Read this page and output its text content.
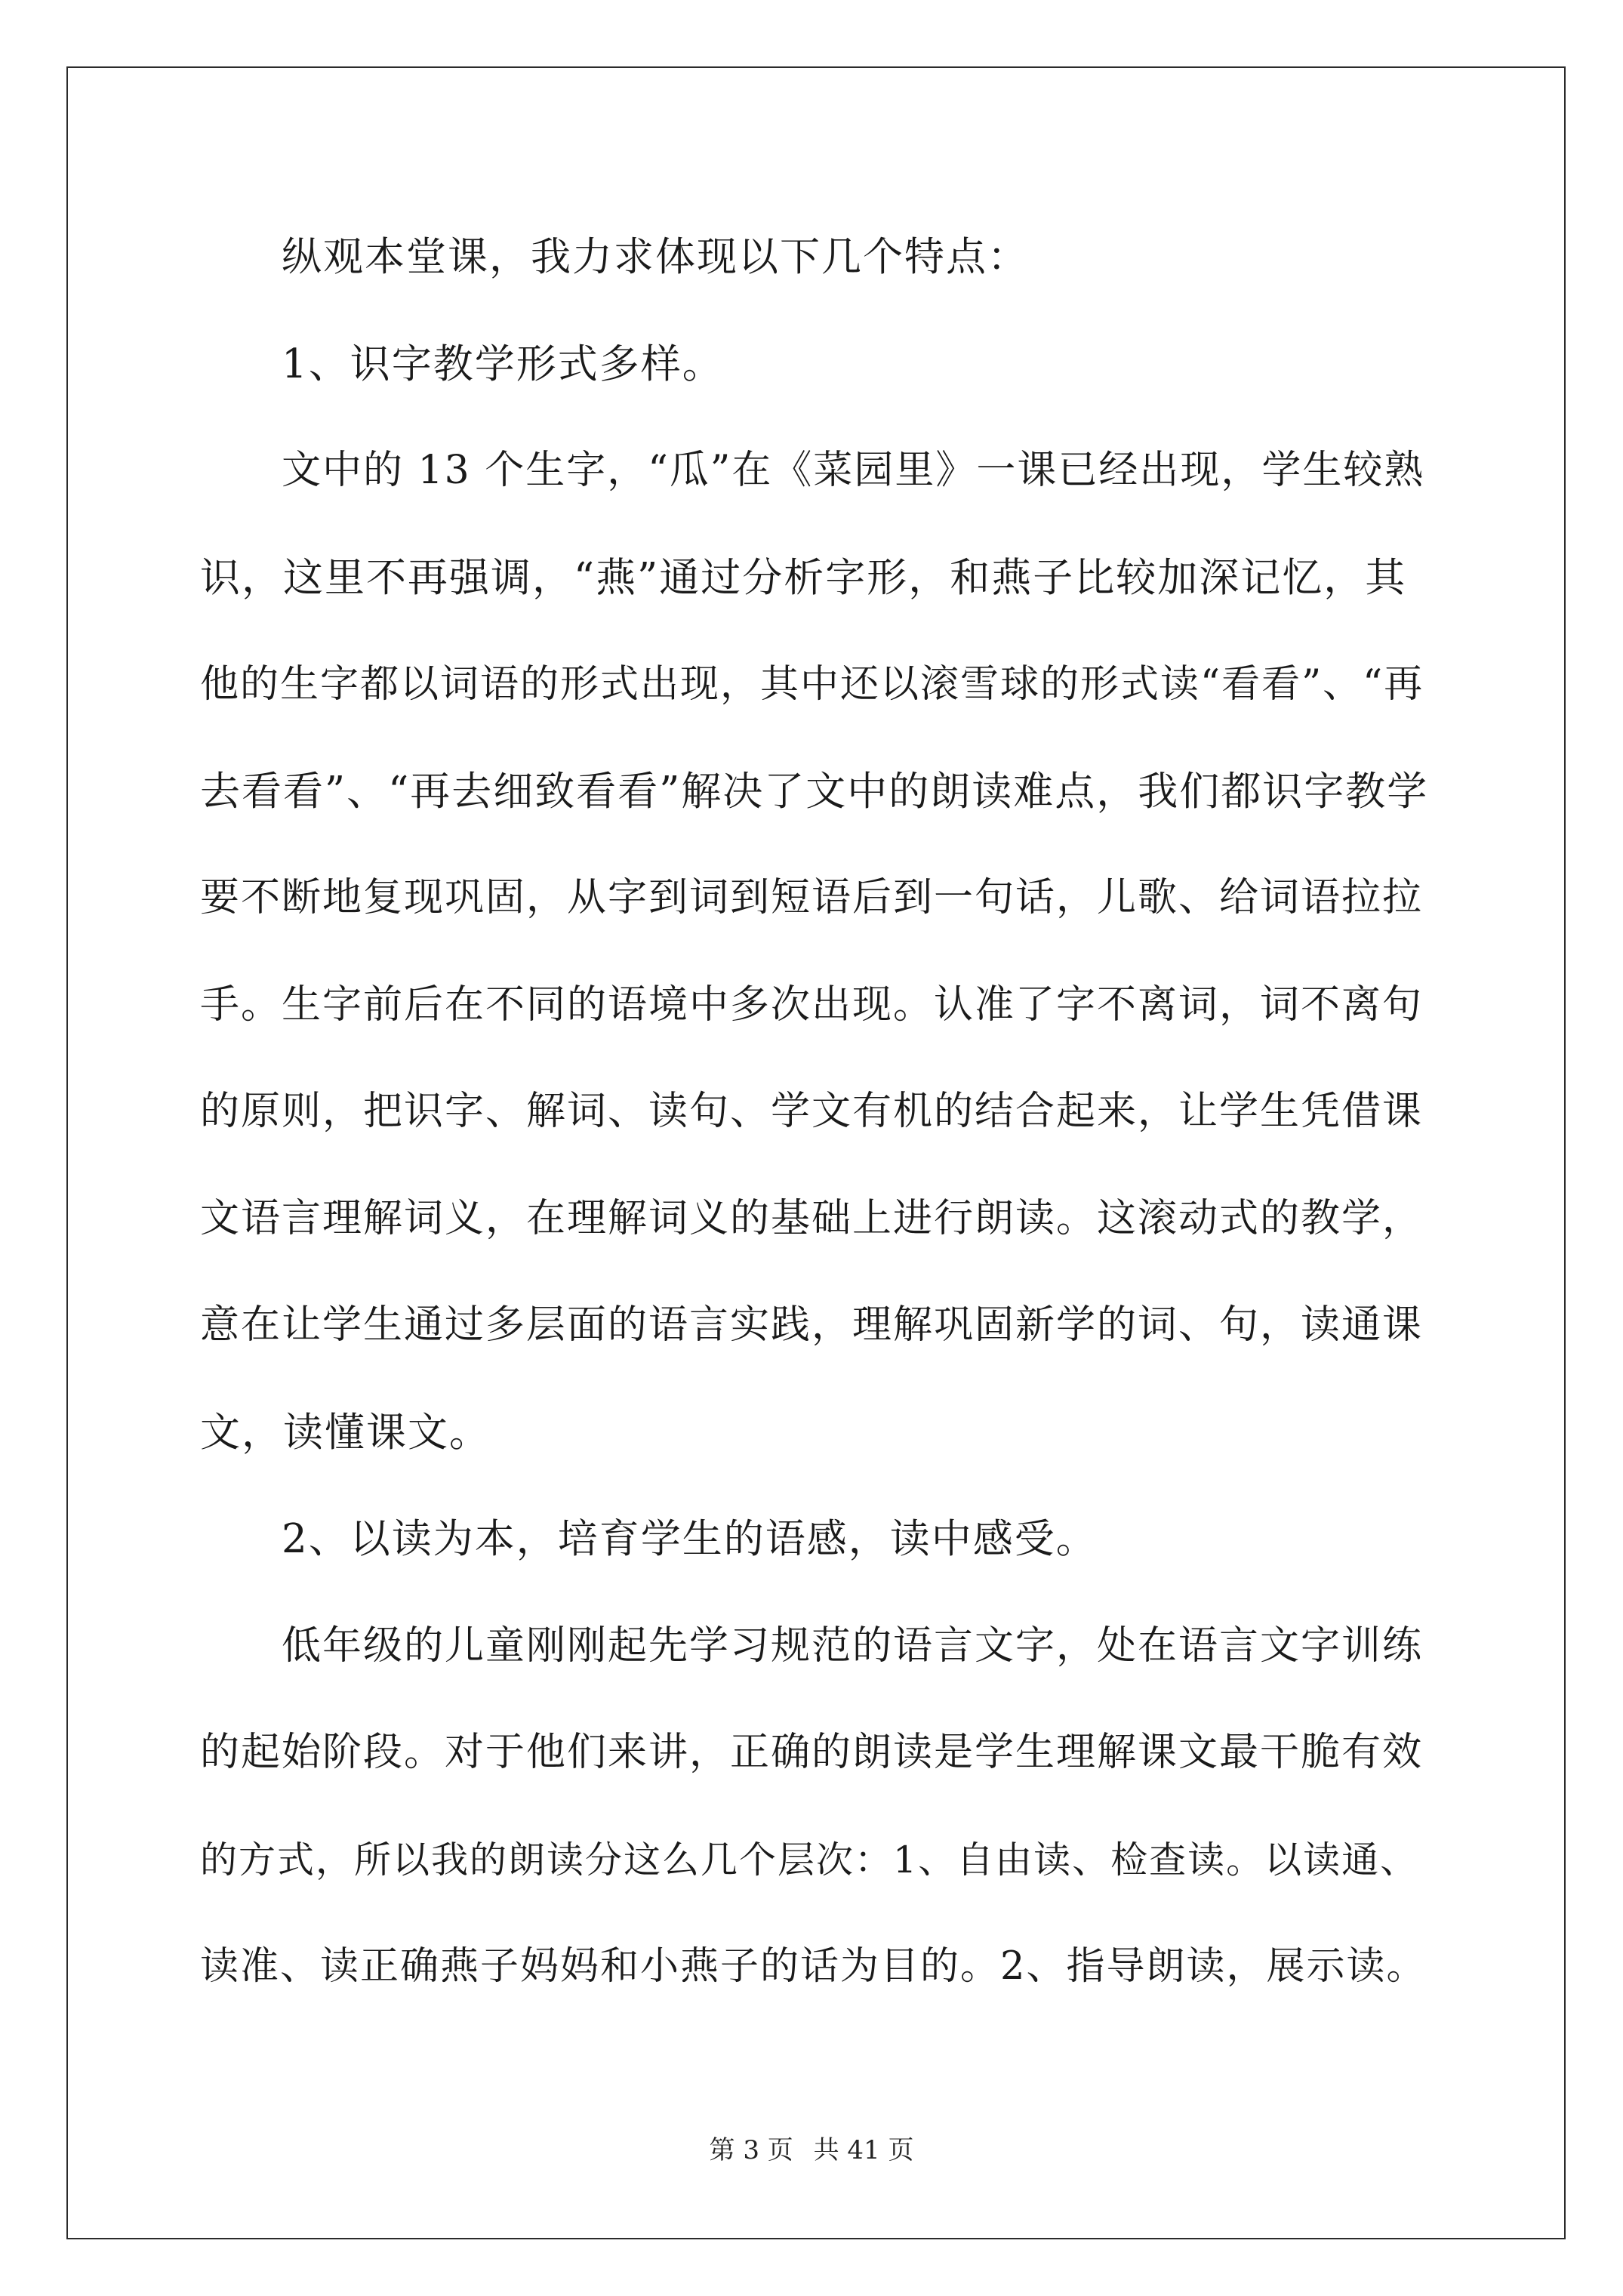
纵观本堂课，我力求体现以下几个特点：
1、识字教学形式多样。
文中的 13 个生字，“瓜”在《菜园里》一课已经出现，学生较熟
识，这里不再强调，“燕”通过分析字形，和燕子比较加深记忆，其
他的生字都以词语的形式出现，其中还以滚雪球的形式读“看看”、“再
去看看”、“再去细致看看”解决了文中的朗读难点，我们都识字教学
要不断地复现巩固，从字到词到短语后到一句话，儿歌、给词语拉拉
手。生字前后在不同的语境中多次出现。认准了字不离词，词不离句
的原则，把识字、解词、读句、学文有机的结合起来，让学生凭借课
文语言理解词义，在理解词义的基础上进行朗读。这滚动式的教学，
意在让学生通过多层面的语言实践，理解巩固新学的词、句，读通课
文，读懂课文。
2、以读为本，培育学生的语感，读中感受。
低年级的儿童刚刚起先学习规范的语言文字，处在语言文字训练
的起始阶段。对于他们来讲，正确的朗读是学生理解课文最干脆有效
的方式，所以我的朗读分这么几个层次：1、自由读、检查读。以读通、
读准、读正确燕子妈妈和小燕子的话为目的。2、指导朗读，展示读。
第 3 页 共 41 页
